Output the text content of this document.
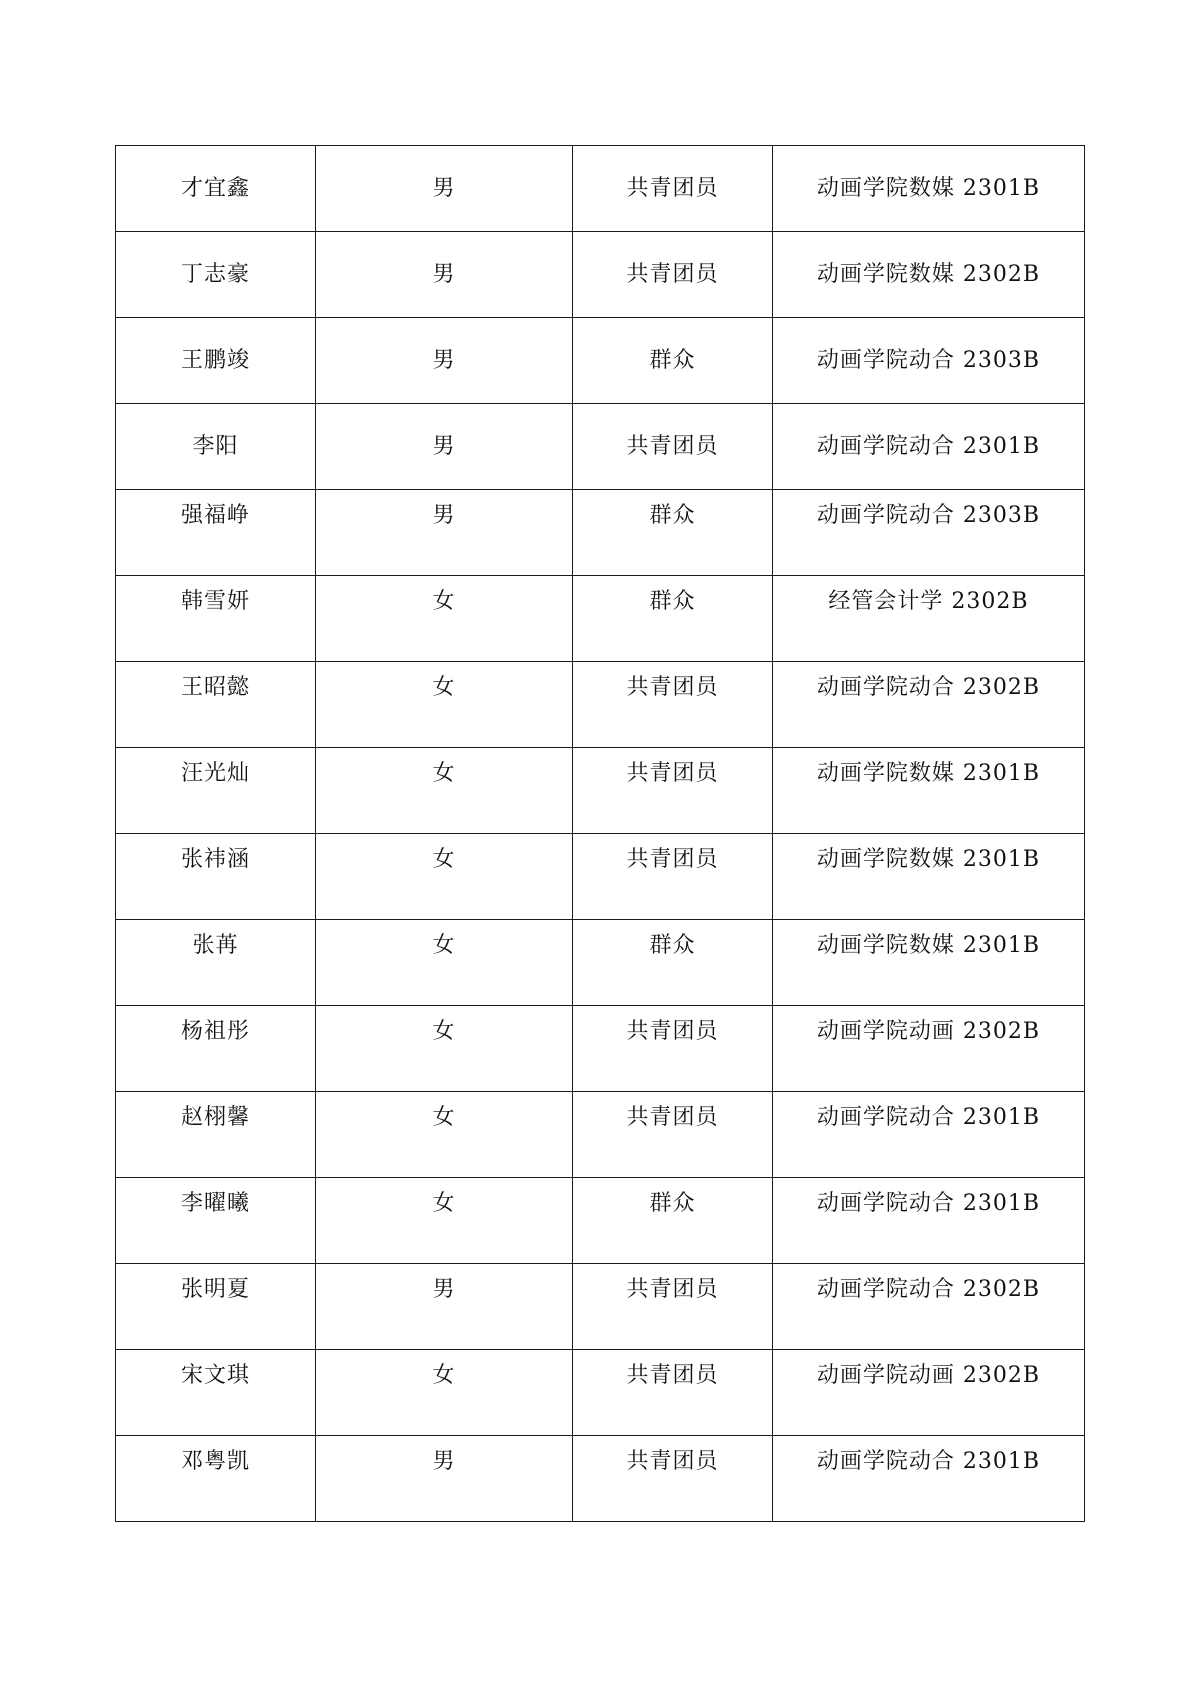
才宜鑫	男	共青团员	动画学院数媒 2301B
丁志豪	男	共青团员	动画学院数媒 2302B
王鹏竣	男	群众	动画学院动合 2303B
李阳	男	共青团员	动画学院动合 2301B
强福峥	男	群众	动画学院动合 2303B
韩雪妍	女	群众	经管会计学 2302B
王昭懿	女	共青团员	动画学院动合 2302B
汪光灿	女	共青团员	动画学院数媒 2301B
张祎涵	女	共青团员	动画学院数媒 2301B
张苒	女	群众	动画学院数媒 2301B
杨祖彤	女	共青团员	动画学院动画 2302B
赵栩馨	女	共青团员	动画学院动合 2301B
李曜曦	女	群众	动画学院动合 2301B
张明夏	男	共青团员	动画学院动合 2302B
宋文琪	女	共青团员	动画学院动画 2302B
邓粤凯	男	共青团员	动画学院动合 2301B
